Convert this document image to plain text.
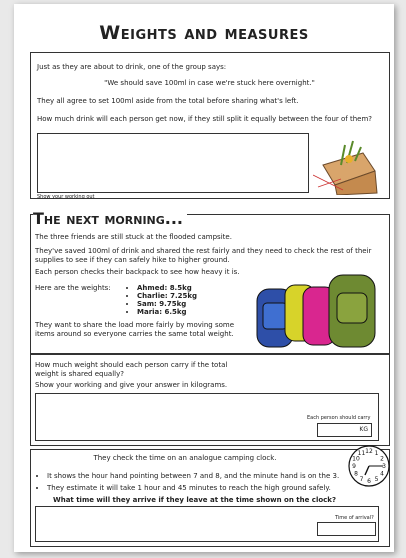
Weights and measures
Just as they are about to drink, one of the group says:
"We should save 100ml in case we're stuck here overnight."
They all agree to set 100ml aside from the total before sharing what's left.
How much drink will each person get now, if they still split it equally between the four of them?
Show your working out
The next morning...
The three friends are still stuck at the flooded campsite.
They've saved 100ml of drink and shared the rest fairly and they need to check the rest of their supplies to see if they can safely hike to higher ground.
Each person checks their backpack to see how heavy it is.
Here are the weights:
•	Ahmed: 8.5kg
• Charlie: 7.25kg
• Sam: 9.75kg
• Maria: 6.5kg
They want to share the load more fairly by moving some items around so everyone carries the same total weight.
How much weight should each person carry if the total weight is shared equally?
Show your working and give your answer in kilograms.
Each person should carry
KG
They check the time on an analogue camping clock.
• It shows the hour hand pointing between 7 and 8, and the minute hand is on the 3.
• They estimate it will take 1 hour and 45 minutes to reach the high ground safely.
What time will they arrive if they leave at the time shown on the clock?
Time of arrival?
12 1
2
3
4
5
6
7
8
9
10
11
